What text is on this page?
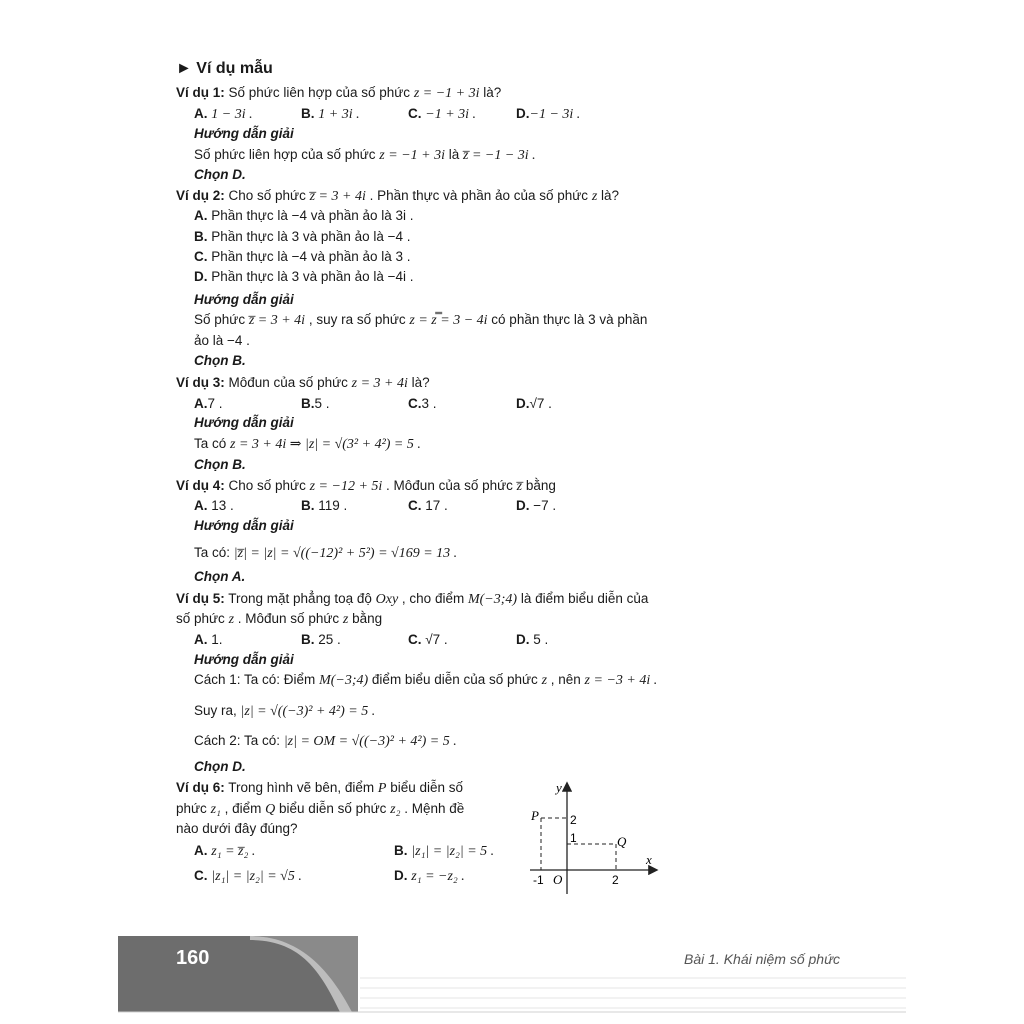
► Ví dụ mẫu
Ví dụ 1: Số phức liên hợp của số phức z = −1 + 3i là?
A. 1 − 3i .	B. 1 + 3i .	C. −1 + 3i .	D.−1 − 3i .
Hướng dẫn giải
Số phức liên hợp của số phức z = −1 + 3i là z̅ = −1 − 3i .
Chọn D.
Ví dụ 2: Cho số phức z̅ = 3 + 4i . Phần thực và phần ảo của số phức z là?
A. Phần thực là −4 và phần ảo là 3i .
B. Phần thực là 3 và phần ảo là −4 .
C. Phần thực là −4 và phần ảo là 3 .
D. Phần thực là 3 và phần ảo là −4i .
Hướng dẫn giải
Số phức z̅ = 3 + 4i , suy ra số phức z = z̿ = 3 − 4i có phần thực là 3 và phần
ảo là −4 .
Chọn B.
Ví dụ 3: Môđun của số phức z = 3 + 4i là?
A.7 .	B.5 .	C.3 .	D.√7 .
Hướng dẫn giải
Ta có z = 3 + 4i ⇒ |z| = √(3² + 4²) = 5 .
Chọn B.
Ví dụ 4: Cho số phức z = −12 + 5i . Môđun của số phức z̅ bằng
A. 13 .	B. 119 .	C. 17 .	D. −7 .
Hướng dẫn giải
Ta có: |z̅| = |z| = √((−12)² + 5²) = √169 = 13 .
Chọn A.
Ví dụ 5: Trong mặt phẳng toạ độ Oxy , cho điểm M(−3;4) là điểm biểu diễn của
số phức z . Môđun số phức z bằng
A. 1.	B. 25 .	C. √7 .	D. 5 .
Hướng dẫn giải
Cách 1: Ta có: Điểm M(−3;4) điểm biểu diễn của số phức z , nên z = −3 + 4i .
Suy ra, |z| = √((−3)² + 4²) = 5 .
Cách 2: Ta có: |z| = OM = √((−3)² + 4²) = 5 .
Chọn D.
Ví dụ 6: Trong hình vẽ bên, điểm P biểu diễn số
phức z₁ , điểm Q biểu diễn số phức z₂ . Mệnh đề
nào dưới đây đúng?
A. z₁ = z̅₂ .	B. |z₁| = |z₂| = 5 .
C. |z₁| = |z₂| = √5 .	D. z₁ = −z₂ .
y
x
P
Q
2
1
-1 O	2
160	Bài 1. Khái niệm số phức
